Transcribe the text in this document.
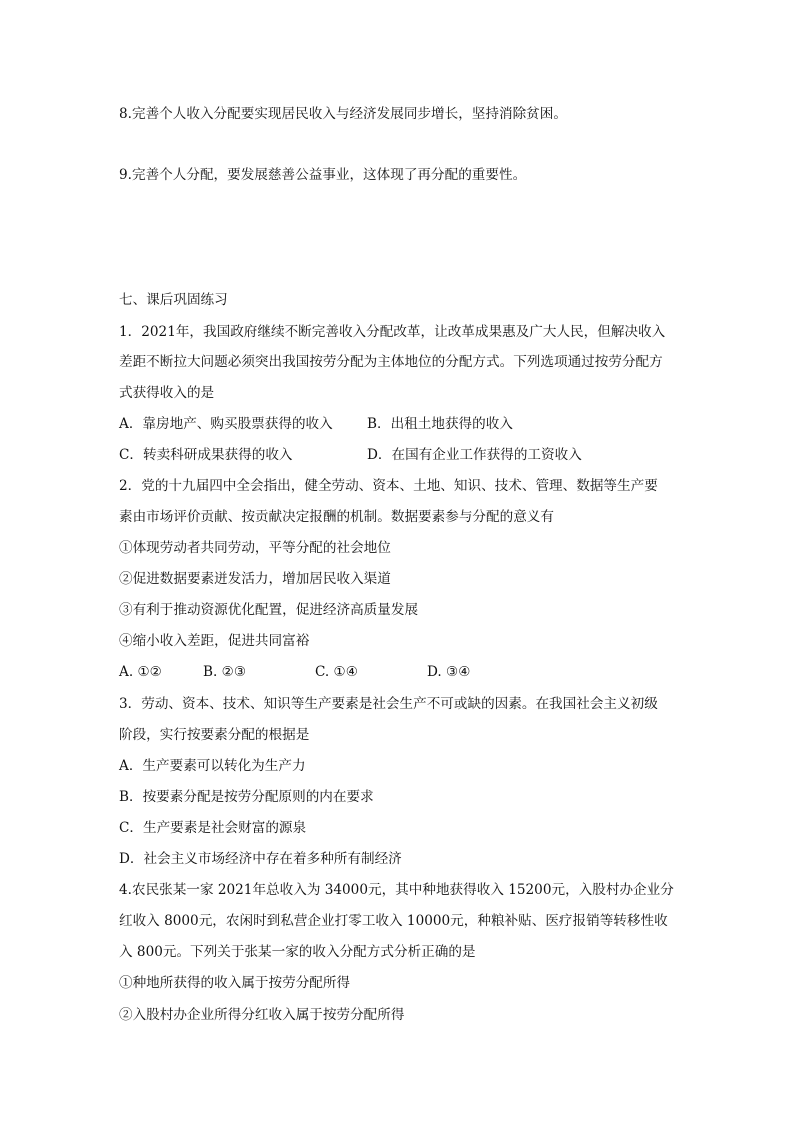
8.完善个人收入分配要实现居民收入与经济发展同步增长，坚持消除贫困。

9.完善个人分配，要发展慈善公益事业，这体现了再分配的重要性。

七、课后巩固练习

1．2021年，我国政府继续不断完善收入分配改革，让改革成果惠及广大人民，但解决收入

差距不断拉大问题必须突出我国按劳分配为主体地位的分配方式。下列选项通过按劳分配方

式获得收入的是

A．靠房地产、购买股票获得的收入	B．出租土地获得的收入

C．转卖科研成果获得的收入	D．在国有企业工作获得的工资收入

2．党的十九届四中全会指出，健全劳动、资本、土地、知识、技术、管理、数据等生产要

素由市场评价贡献、按贡献决定报酬的机制。数据要素参与分配的意义有

①体现劳动者共同劳动，平等分配的社会地位

②促进数据要素迸发活力，增加居民收入渠道

③有利于推动资源优化配置，促进经济高质量发展

④缩小收入差距，促进共同富裕

A. ①②	B. ②③	C. ①④	D. ③④

3．劳动、资本、技术、知识等生产要素是社会生产不可或缺的因素。在我国社会主义初级

阶段，实行按要素分配的根据是

A．生产要素可以转化为生产力

B．按要素分配是按劳分配原则的内在要求

C．生产要素是社会财富的源泉

D．社会主义市场经济中存在着多种所有制经济

4.农民张某一家 2021年总收入为 34000元，其中种地获得收入 15200元，入股村办企业分

红收入 8000元，农闲时到私营企业打零工收入 10000元，种粮补贴、医疗报销等转移性收

入 800元。下列关于张某一家的收入分配方式分析正确的是

①种地所获得的收入属于按劳分配所得

②入股村办企业所得分红收入属于按劳分配所得
